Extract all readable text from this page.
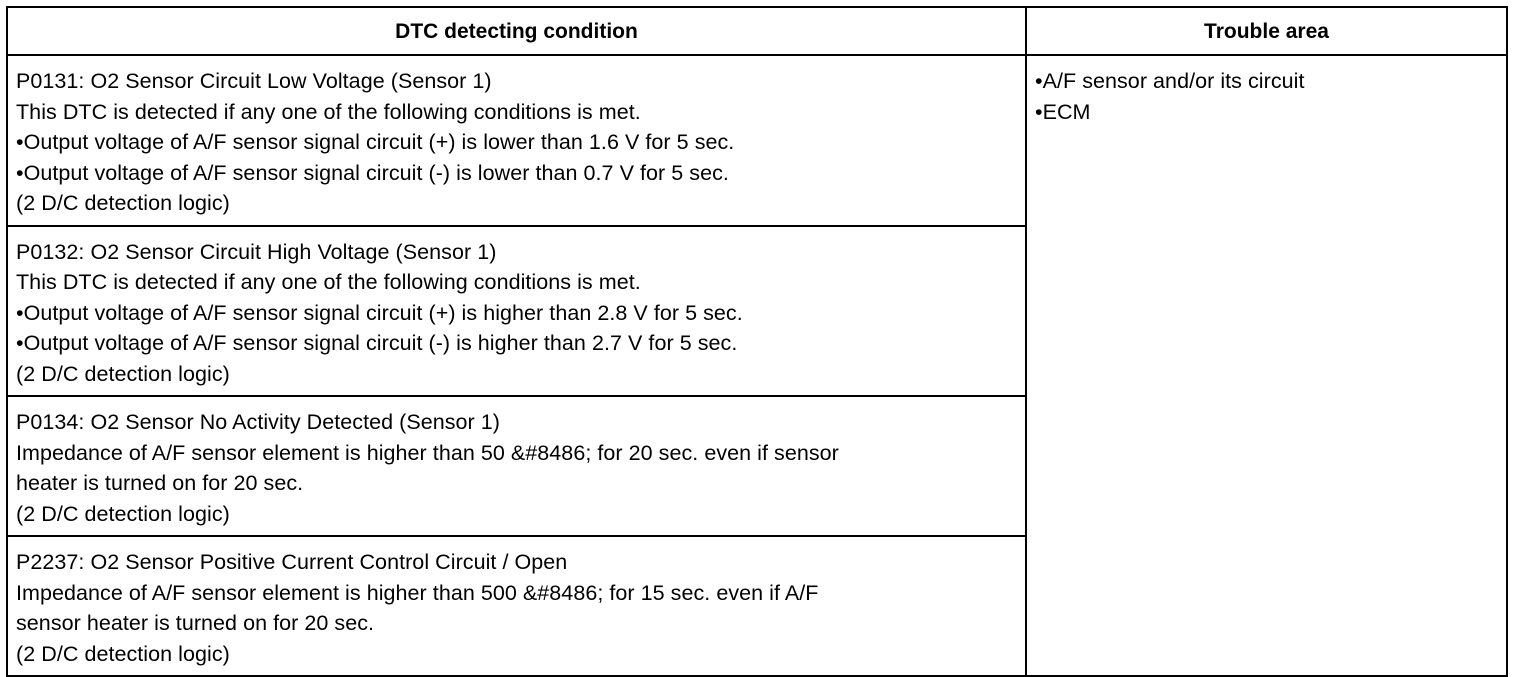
DTC detecting condition	Trouble area

P0131: O2 Sensor Circuit Low Voltage (Sensor 1)
This DTC is detected if any one of the following conditions is met.
•Output voltage of A/F sensor signal circuit (+) is lower than 1.6 V for 5 sec.
•Output voltage of A/F sensor signal circuit (-) is lower than 0.7 V for 5 sec.
(2 D/C detection logic)	•A/F sensor and/or its circuit
•ECM

P0132: O2 Sensor Circuit High Voltage (Sensor 1)
This DTC is detected if any one of the following conditions is met.
•Output voltage of A/F sensor signal circuit (+) is higher than 2.8 V for 5 sec.
•Output voltage of A/F sensor signal circuit (-) is higher than 2.7 V for 5 sec.
(2 D/C detection logic)	

P0134: O2 Sensor No Activity Detected (Sensor 1)
Impedance of A/F sensor element is higher than 50 &#8486; for 20 sec. even if sensor
heater is turned on for 20 sec.
(2 D/C detection logic)	

P2237: O2 Sensor Positive Current Control Circuit / Open
Impedance of A/F sensor element is higher than 500 &#8486; for 15 sec. even if A/F
sensor heater is turned on for 20 sec.
(2 D/C detection logic)	
